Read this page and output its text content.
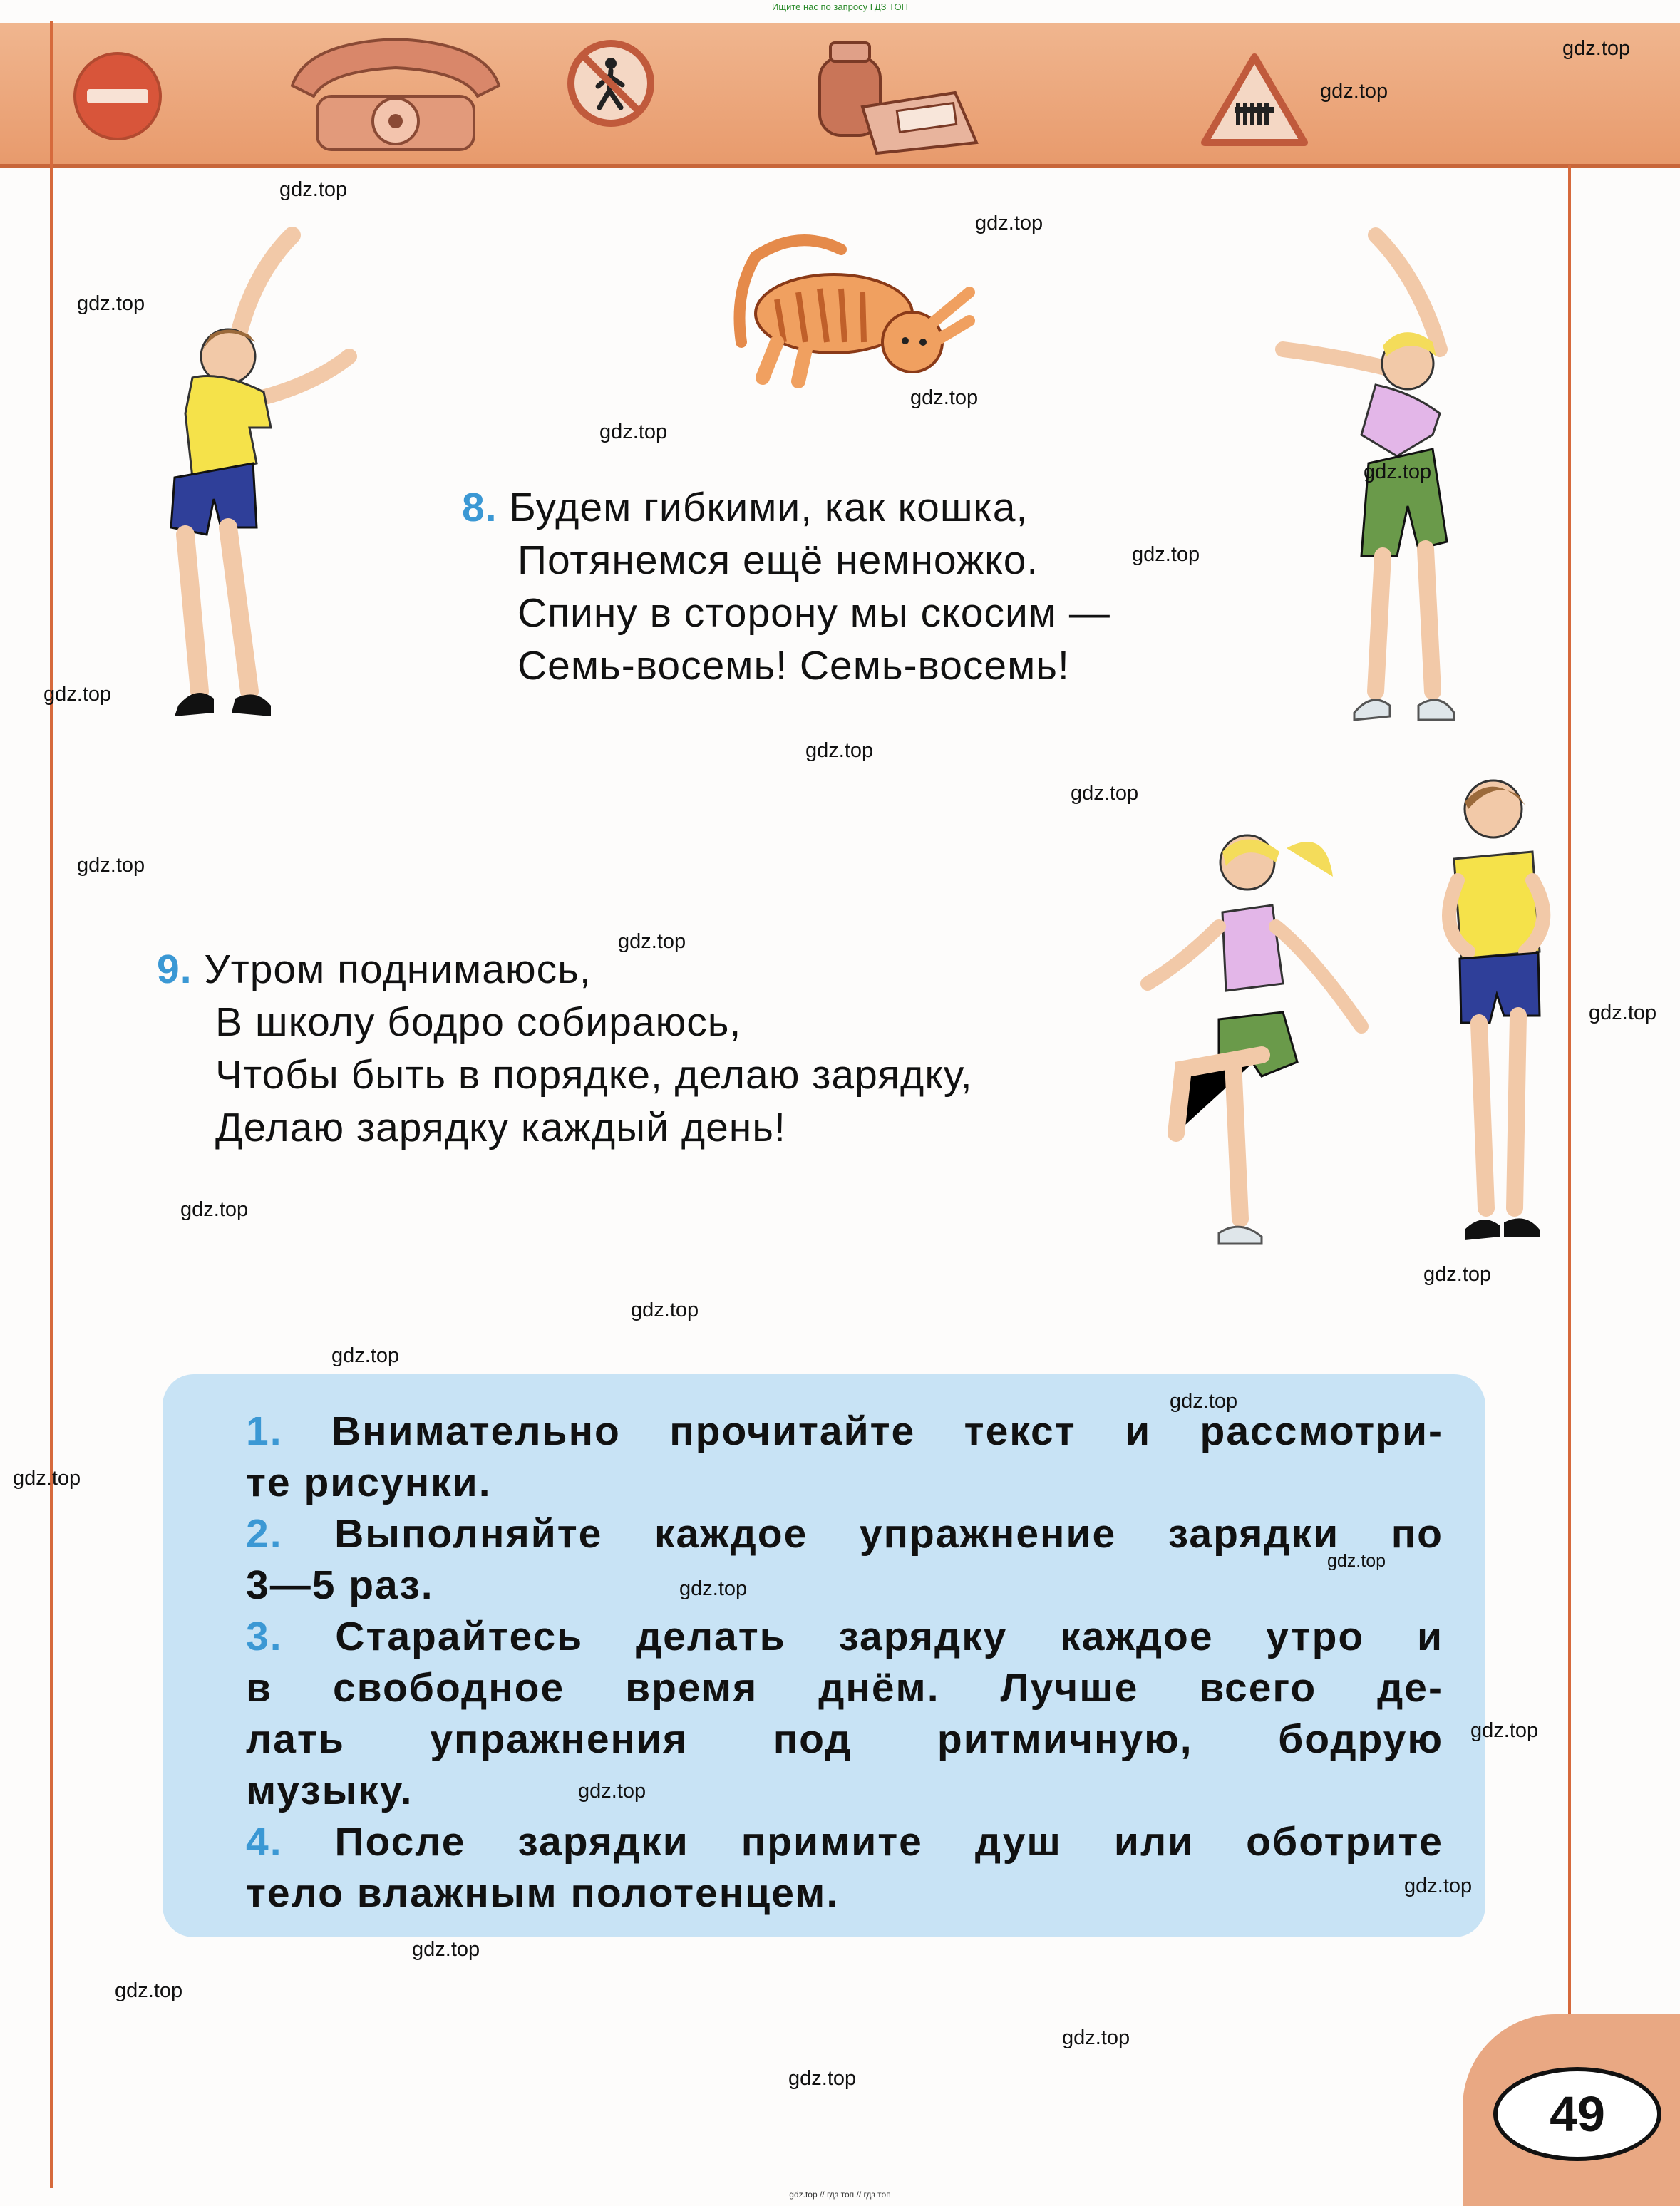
Ищите нас по запросу ГДЗ ТОП
8. Будем гибкими, как кошка,
Потянемся ещё немножко.
Спину в сторону мы скосим —
Семь-восемь! Семь-восемь!
9. Утром поднимаюсь,
В школу бодро собираюсь,
Чтобы быть в порядке, делаю зарядку,
Делаю зарядку каждый день!
1. Внимательно прочитайте текст и рассмотри-
те рисунки.
2. Выполняйте каждое упражнение зарядки по
3—5 раз.
3. Старайтесь делать зарядку каждое утро и
в свободное время днём. Лучше всего де-
лать упражнения под ритмичную, бодрую
музыку.
4. После зарядки примите душ или оботрите
тело влажным полотенцем.
49
gdz.top
gdz.top
gdz.top
gdz.top
gdz.top
gdz.top
gdz.top
gdz.top
gdz.top
gdz.top
gdz.top
gdz.top
gdz.top
gdz.top
gdz.top
gdz.top
gdz.top
gdz.top
gdz.top
gdz.top
gdz.top
gdz.top
gdz.top
gdz.top
gdz.top
gdz.top
gdz.top
gdz.top
gdz.top
gdz.top
gdz.top // гдз топ // гдз топ
